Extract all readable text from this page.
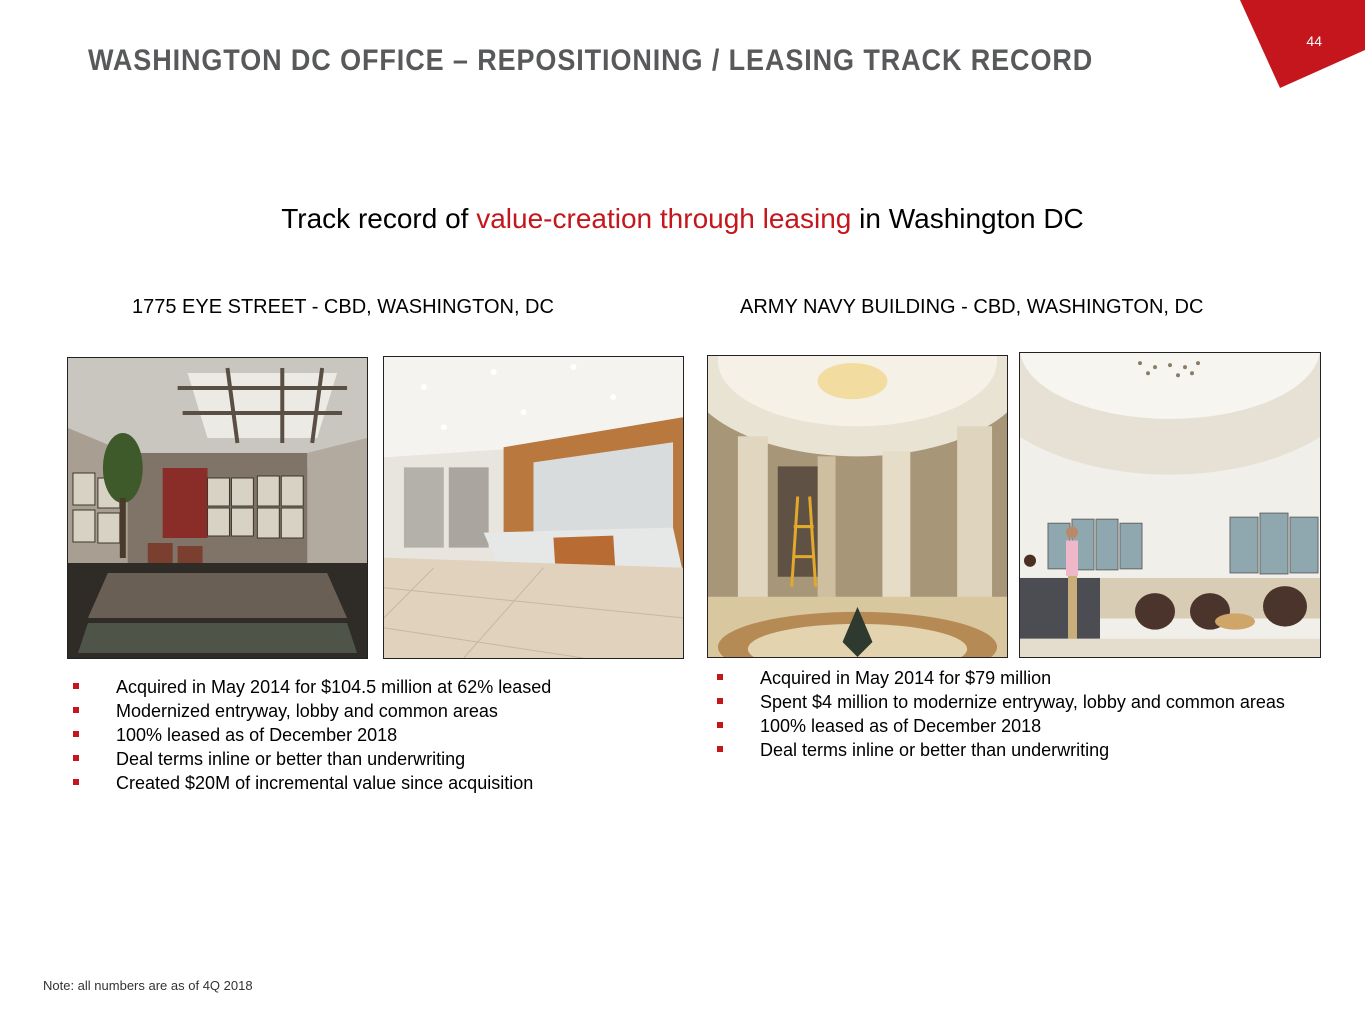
44
WASHINGTON DC OFFICE – REPOSITIONING / LEASING TRACK RECORD
Track record of value-creation through leasing in Washington DC
1775 EYE STREET - CBD, WASHINGTON, DC	ARMY NAVY BUILDING - CBD, WASHINGTON, DC
Acquired in May 2014 for $104.5 million at 62% leased
Modernized entryway, lobby and common areas
100% leased as of December 2018
Deal terms inline or better than underwriting
Created $20M of incremental value since acquisition
Acquired in May 2014 for $79 million
Spent $4 million to modernize entryway, lobby and common areas
100% leased as of December 2018
Deal terms inline or better than underwriting
Note: all numbers are as of 4Q 2018
